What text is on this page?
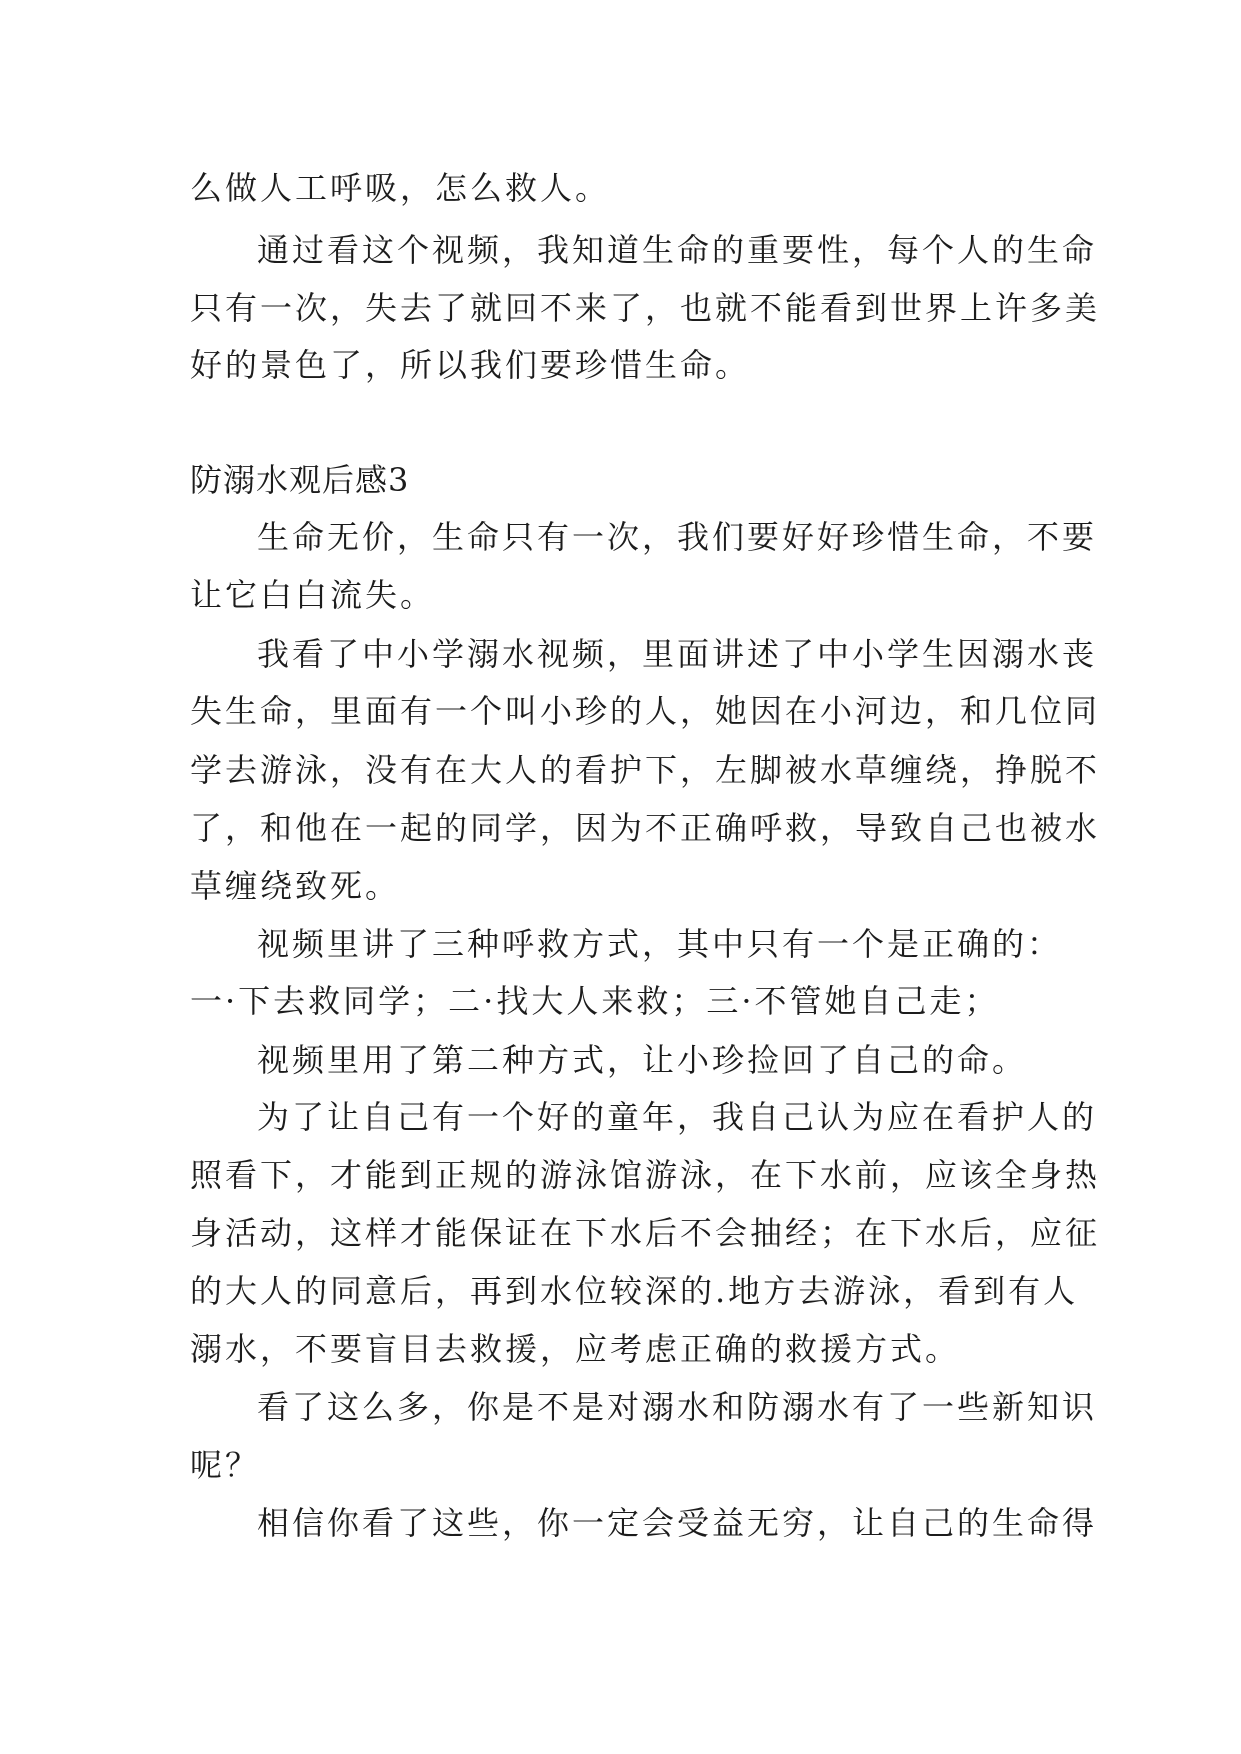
么做人工呼吸，怎么救人。
通过看这个视频，我知道生命的重要性，每个人的生命
只有一次，失去了就回不来了，也就不能看到世界上许多美
好的景色了，所以我们要珍惜生命。
防溺水观后感3
生命无价，生命只有一次，我们要好好珍惜生命，不要
让它白白流失。
我看了中小学溺水视频，里面讲述了中小学生因溺水丧
失生命，里面有一个叫小珍的人，她因在小河边，和几位同
学去游泳，没有在大人的看护下，左脚被水草缠绕，挣脱不
了，和他在一起的同学，因为不正确呼救，导致自己也被水
草缠绕致死。
视频里讲了三种呼救方式，其中只有一个是正确的：
一·下去救同学；二·找大人来救；三·不管她自己走；
视频里用了第二种方式，让小珍捡回了自己的命。
为了让自己有一个好的童年，我自己认为应在看护人的
照看下，才能到正规的游泳馆游泳，在下水前，应该全身热
身活动，这样才能保证在下水后不会抽经；在下水后，应征
的大人的同意后，再到水位较深的.地方去游泳，看到有人
溺水，不要盲目去救援，应考虑正确的救援方式。
看了这么多，你是不是对溺水和防溺水有了一些新知识
呢？
相信你看了这些，你一定会受益无穷，让自己的生命得
